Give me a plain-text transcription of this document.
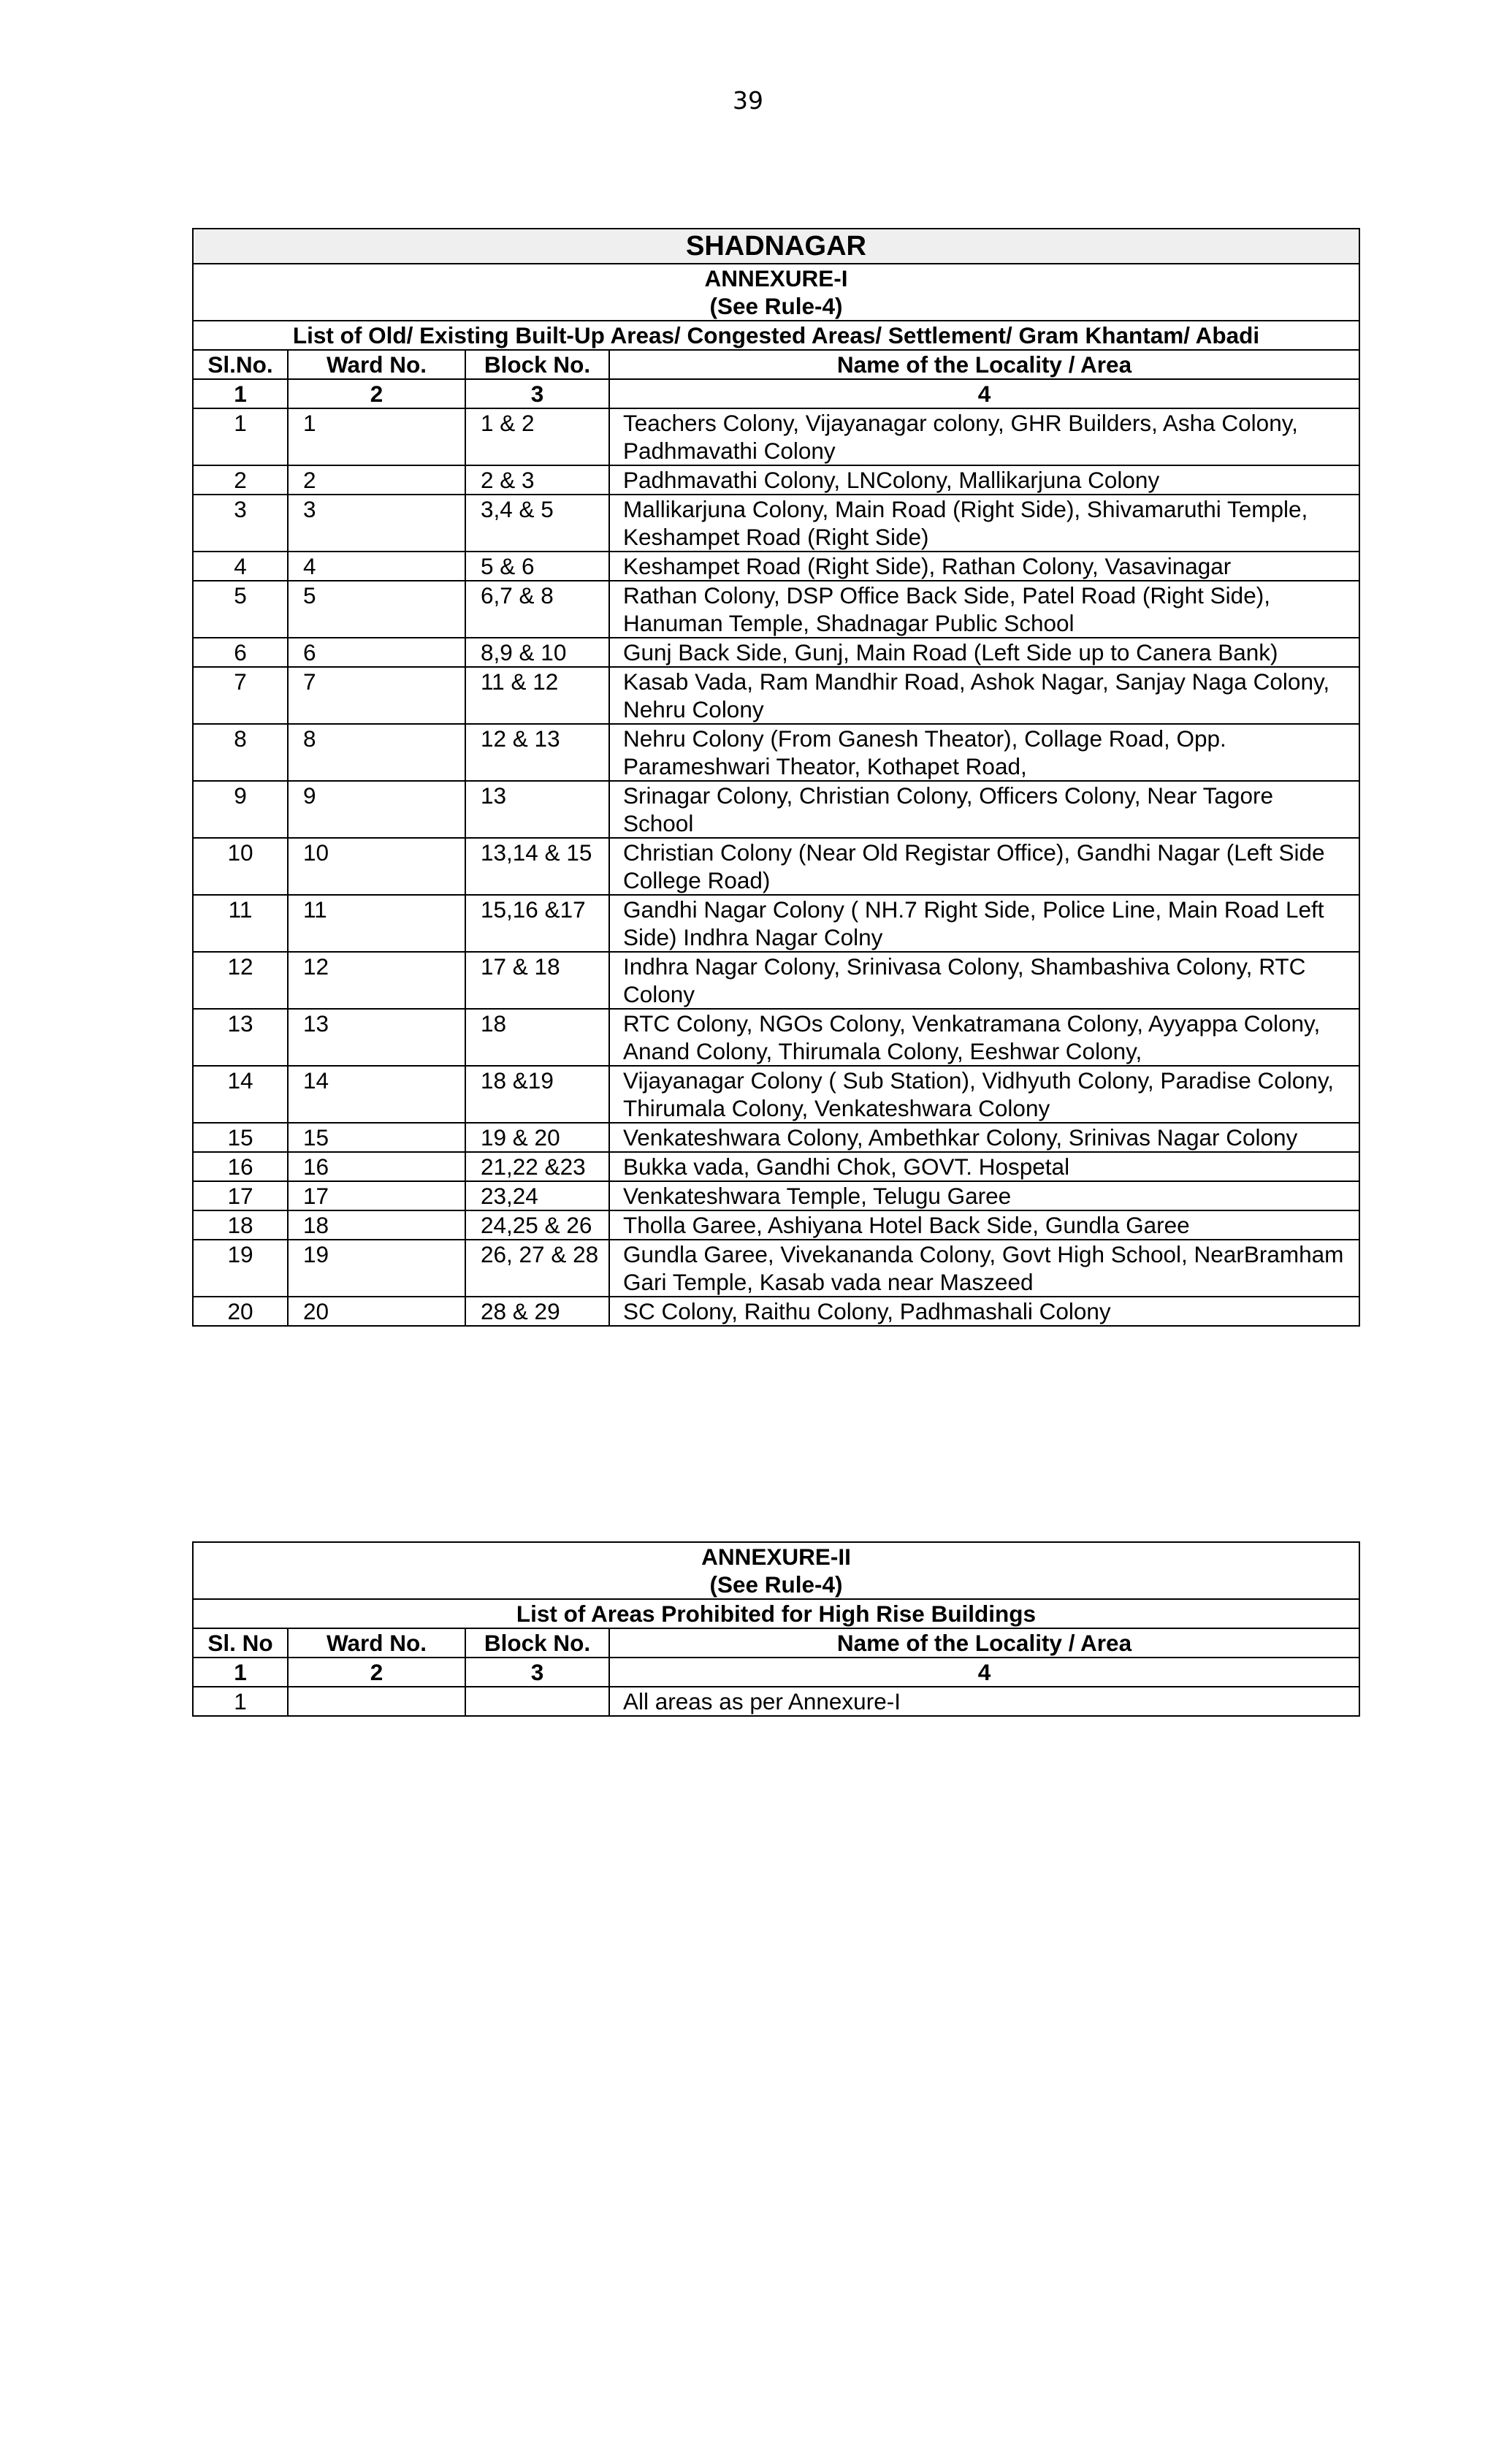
39
SHADNAGAR			

ANNEXURE-I
(See Rule-4)			

List of Old/ Existing Built-Up Areas/ Congested Areas/ Settlement/ Gram Khantam/ Abadi			
Sl.No.	Ward No.	Block No.	Name of the Locality / Area
1	2	3	4
1	1	1 & 2	Teachers Colony, Vijayanagar colony, GHR Builders, Asha Colony, Padhmavathi Colony
2	2	2 & 3	Padhmavathi Colony, LNColony, Mallikarjuna Colony
3	3	3,4 & 5	Mallikarjuna Colony, Main Road (Right Side), Shivamaruthi Temple, Keshampet Road (Right Side)
4	4	5 & 6	Keshampet Road (Right Side), Rathan Colony, Vasavinagar
5	5	6,7 & 8	Rathan Colony, DSP Office Back Side, Patel Road (Right Side), Hanuman Temple, Shadnagar Public School
6	6	8,9 & 10	Gunj Back Side, Gunj, Main Road (Left Side up to Canera Bank)
7	7	11 & 12	Kasab Vada, Ram Mandhir Road, Ashok Nagar, Sanjay Naga Colony, Nehru Colony
8	8	12 & 13	Nehru Colony (From Ganesh Theator), Collage Road, Opp. Parameshwari Theator, Kothapet Road,
9	9	13	Srinagar Colony, Christian Colony, Officers Colony, Near Tagore School
10	10	13,14 & 15	Christian Colony (Near Old Registar Office), Gandhi Nagar (Left Side College Road)
11	11	15,16 &17	Gandhi Nagar Colony ( NH.7 Right Side, Police Line, Main Road Left Side) Indhra Nagar Colny
12	12	17 & 18	Indhra Nagar Colony, Srinivasa Colony, Shambashiva Colony, RTC Colony
13	13	18	RTC Colony, NGOs Colony, Venkatramana Colony, Ayyappa Colony, Anand Colony, Thirumala Colony, Eeshwar Colony,
14	14	18 &19	Vijayanagar Colony ( Sub Station), Vidhyuth Colony, Paradise Colony, Thirumala Colony, Venkateshwara Colony
15	15	19 & 20	Venkateshwara Colony, Ambethkar Colony, Srinivas Nagar Colony
16	16	21,22 &23	Bukka vada, Gandhi Chok, GOVT. Hospetal
17	17	23,24	Venkateshwara Temple, Telugu Garee
18	18	24,25 & 26	Tholla Garee, Ashiyana Hotel Back Side, Gundla Garee
19	19	26, 27 & 28	Gundla Garee, Vivekananda Colony, Govt High School, NearBramham Gari Temple, Kasab vada near Maszeed
20	20	28 & 29	SC Colony, Raithu Colony, Padhmashali Colony
ANNEXURE-II
(See Rule-4)			

List of Areas Prohibited for High Rise Buildings			
Sl. No	Ward No.	Block No.	Name of the Locality / Area
1	2	3	4
1			All areas as per Annexure-I
